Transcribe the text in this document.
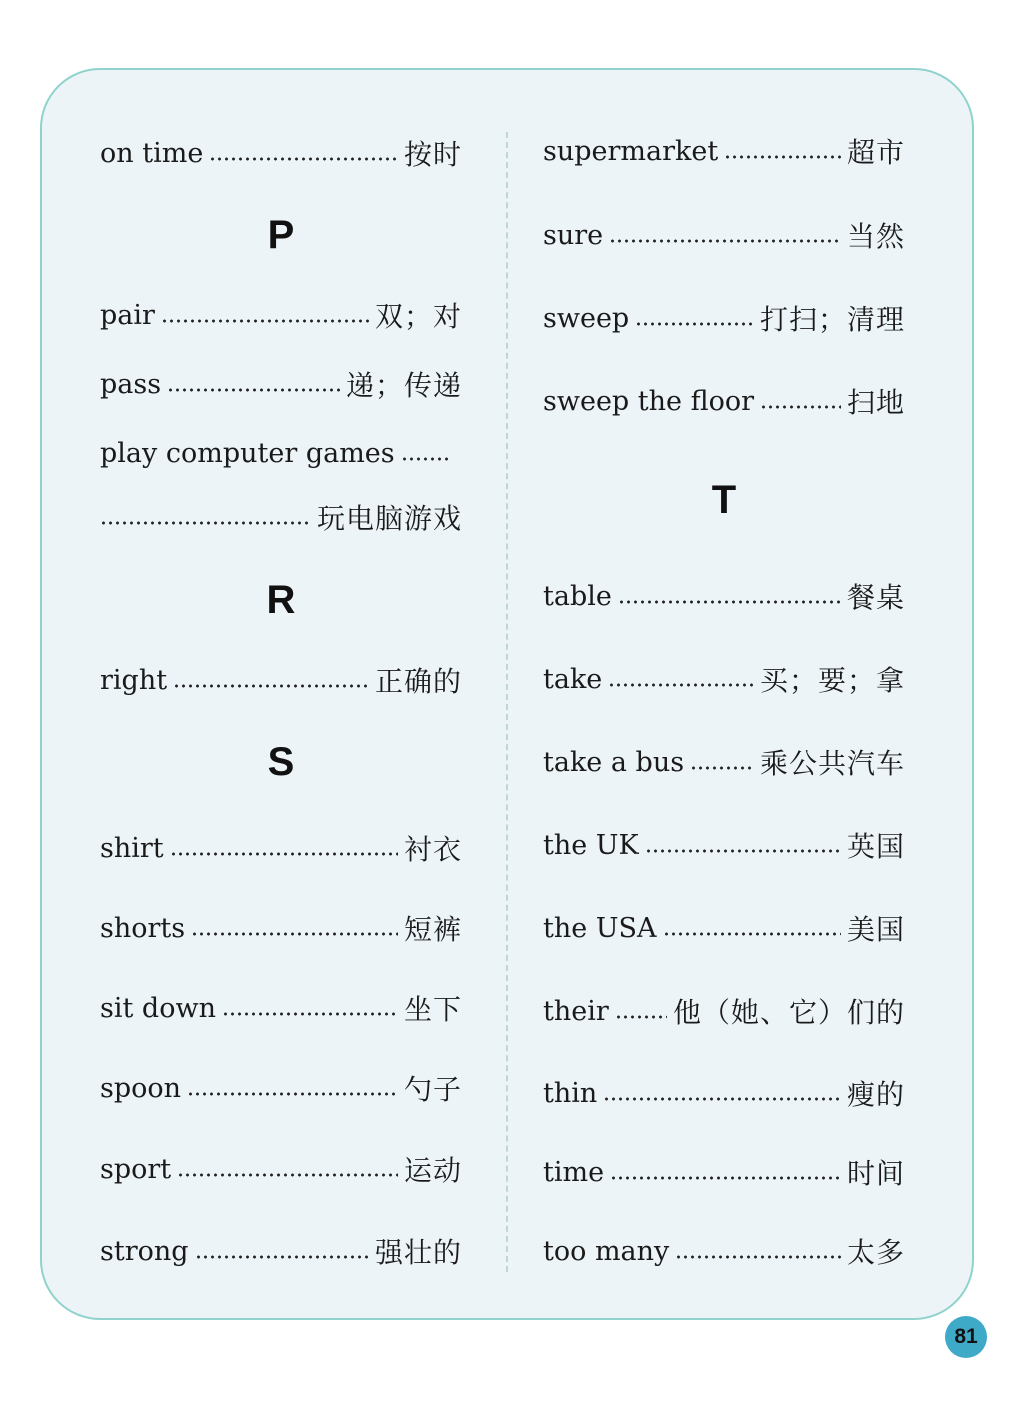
on time	按时
P
pair	双；对
pass	递；传递
play computer games
玩电脑游戏
R
right	正确的
S
shirt	衬衣
shorts	短裤
sit down	坐下
spoon	勺子
sport	运动
strong	强壮的
supermarket	超市
sure	当然
sweep	打扫；清理
sweep the floor	扫地
T
table	餐桌
take	买；要；拿
take a bus	乘公共汽车
the UK	英国
the USA	美国
their 他（她、它）们的
thin	瘦的
time	时间
too many	太多
81
